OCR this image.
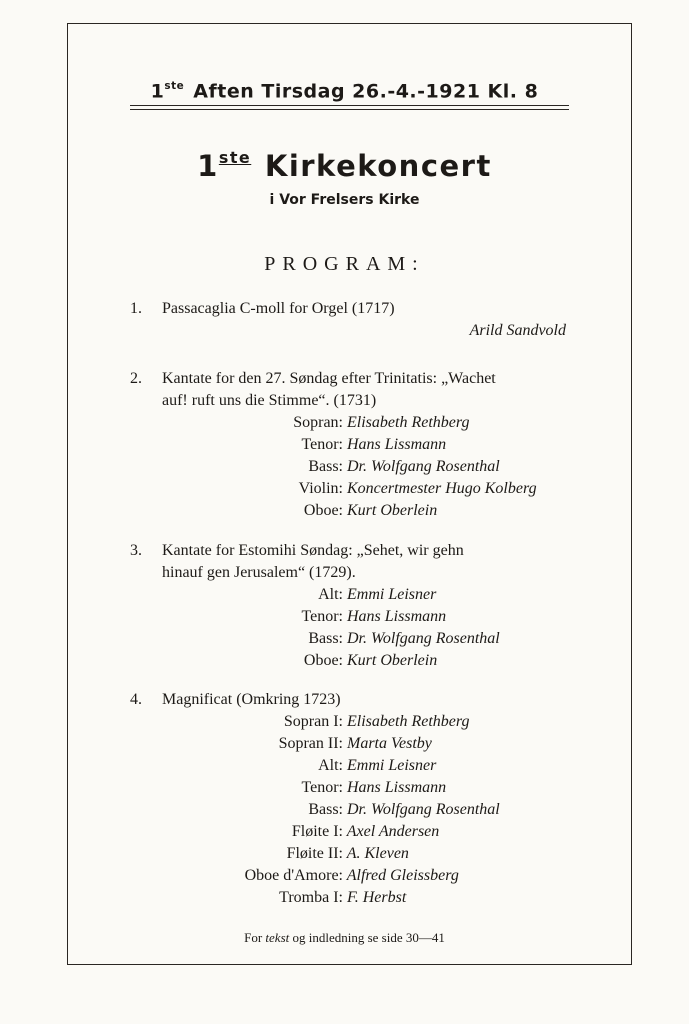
1ste Aften Tirsdag 26.-4.-1921 Kl. 8
1ste Kirkekoncert
i Vor Frelsers Kirke
PROGRAM:
1. Passacaglia C-moll for Orgel (1717)
Arild Sandvold
2. Kantate for den 27. Søndag efter Trinitatis: „Wachet
auf! ruft uns die Stimme“. (1731)
Sopran: Elisabeth Rethberg
Tenor: Hans Lissmann
Bass: Dr. Wolfgang Rosenthal
Violin: Koncertmester Hugo Kolberg
Oboe: Kurt Oberlein
3. Kantate for Estomihi Søndag: „Sehet, wir gehn
hinauf gen Jerusalem“ (1729).
Alt: Emmi Leisner
Tenor: Hans Lissmann
Bass: Dr. Wolfgang Rosenthal
Oboe: Kurt Oberlein
4. Magnificat (Omkring 1723)
Sopran I: Elisabeth Rethberg
Sopran II: Marta Vestby
Alt: Emmi Leisner
Tenor: Hans Lissmann
Bass: Dr. Wolfgang Rosenthal
Fløite I: Axel Andersen
Fløite II: A. Kleven
Oboe d'Amore: Alfred Gleissberg
Tromba I: F. Herbst
For tekst og indledning se side 30—41
